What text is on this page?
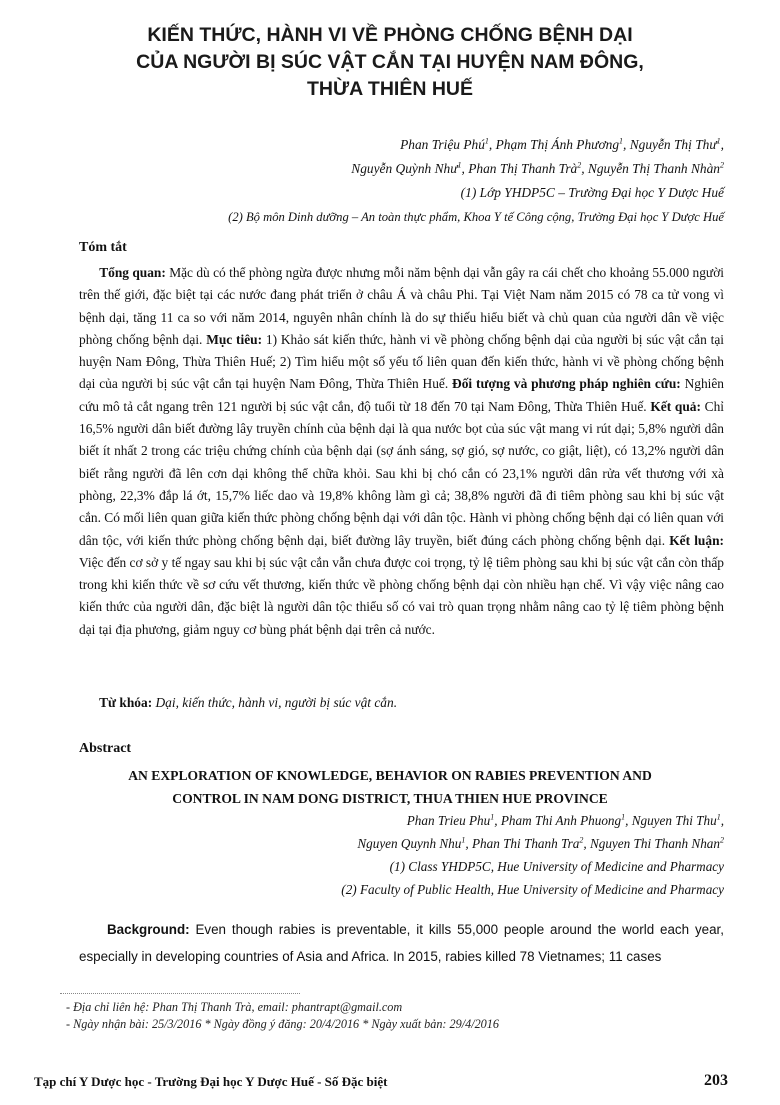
KIẾN THỨC, HÀNH VI VỀ PHÒNG CHỐNG BỆNH DẠI
CỦA NGƯỜI BỊ SÚC VẬT CẮN TẠI HUYỆN NAM ĐÔNG,
THỪA THIÊN HUẾ
Phan Triệu Phú$^1$, Phạm Thị Ánh Phương$^1$, Nguyễn Thị Thư$^1$,
Nguyễn Quỳnh Như$^1$, Phan Thị Thanh Trà$^2$, Nguyễn Thị Thanh Nhàn$^2$
(1) Lớp YHDP5C – Trường Đại học Y Dược Huế
(2) Bộ môn Dinh dưỡng – An toàn thực phẩm, Khoa Y tế Công cộng, Trường Đại học Y Dược Huế
Tóm tắt

Tổng quan: Mặc dù có thể phòng ngừa được nhưng mỗi năm bệnh dại vẫn gây ra cái chết cho khoảng 55.000 người trên thế giới, đặc biệt tại các nước đang phát triển ở châu Á và châu Phi. Tại Việt Nam năm 2015 có 78 ca tử vong vì bệnh dại, tăng 11 ca so với năm 2014, nguyên nhân chính là do sự thiếu hiểu biết và chủ quan của người dân về việc phòng chống bệnh dại. Mục tiêu: 1) Khảo sát kiến thức, hành vi về phòng chống bệnh dại của người bị súc vật cắn tại huyện Nam Đông, Thừa Thiên Huế; 2) Tìm hiểu một số yếu tố liên quan đến kiến thức, hành vi về phòng chống bệnh dại của người bị súc vật cắn tại huyện Nam Đông, Thừa Thiên Huế. Đối tượng và phương pháp nghiên cứu: Nghiên cứu mô tả cắt ngang trên 121 người bị súc vật cắn, độ tuổi từ 18 đến 70 tại Nam Đông, Thừa Thiên Huế. Kết quả: Chỉ 16,5% người dân biết đường lây truyền chính của bệnh dại là qua nước bọt của súc vật mang vi rút dại; 5,8% người dân biết ít nhất 2 trong các triệu chứng chính của bệnh dại (sợ ánh sáng, sợ gió, sợ nước, co giật, liệt), có 13,2% người dân biết rằng người đã lên cơn dại không thể chữa khỏi. Sau khi bị chó cắn có 23,1% người dân rửa vết thương với xà phòng, 22,3% đắp lá ớt, 15,7% liếc dao và 19,8% không làm gì cả; 38,8% người đã đi tiêm phòng sau khi bị súc vật cắn. Có mối liên quan giữa kiến thức phòng chống bệnh dại với dân tộc. Hành vi phòng chống bệnh dại có liên quan với dân tộc, với kiến thức phòng chống bệnh dại, biết đường lây truyền, biết đúng cách phòng chống bệnh dại. Kết luận: Việc đến cơ sở y tế ngay sau khi bị súc vật cắn vẫn chưa được coi trọng, tỷ lệ tiêm phòng sau khi bị súc vật cắn còn thấp trong khi kiến thức về sơ cứu vết thương, kiến thức về phòng chống bệnh dại còn nhiều hạn chế. Vì vậy việc nâng cao kiến thức của người dân, đặc biệt là người dân tộc thiểu số có vai trò quan trọng nhằm nâng cao tỷ lệ tiêm phòng bệnh dại tại địa phương, giảm nguy cơ bùng phát bệnh dại trên cả nước.

Từ khóa: Dại, kiến thức, hành vi, người bị súc vật cắn.
Abstract
AN EXPLORATION OF KNOWLEDGE, BEHAVIOR ON RABIES PREVENTION AND
CONTROL IN NAM DONG DISTRICT, THUA THIEN HUE PROVINCE
Phan Trieu Phu$^1$, Pham Thi Anh Phuong$^1$, Nguyen Thi Thu$^1$,
Nguyen Quynh Nhu$^1$, Phan Thi Thanh Tra$^2$, Nguyen Thi Thanh Nhan$^2$
(1) Class YHDP5C, Hue University of Medicine and Pharmacy
(2) Faculty of Public Health, Hue University of Medicine and Pharmacy

Background: Even though rabies is preventable, it kills 55,000 people around the world each year, especially in developing countries of Asia and Africa. In 2015, rabies killed 78 Vietnames; 11 cases

- Địa chỉ liên hệ: Phan Thị Thanh Trà, email: phantrapt@gmail.com
- Ngày nhận bài: 25/3/2016 * Ngày đồng ý đăng: 20/4/2016 * Ngày xuất bản: 29/4/2016
Tạp chí Y Dược học - Trường Đại học Y Dược Huế - Số Đặc biệt	203
